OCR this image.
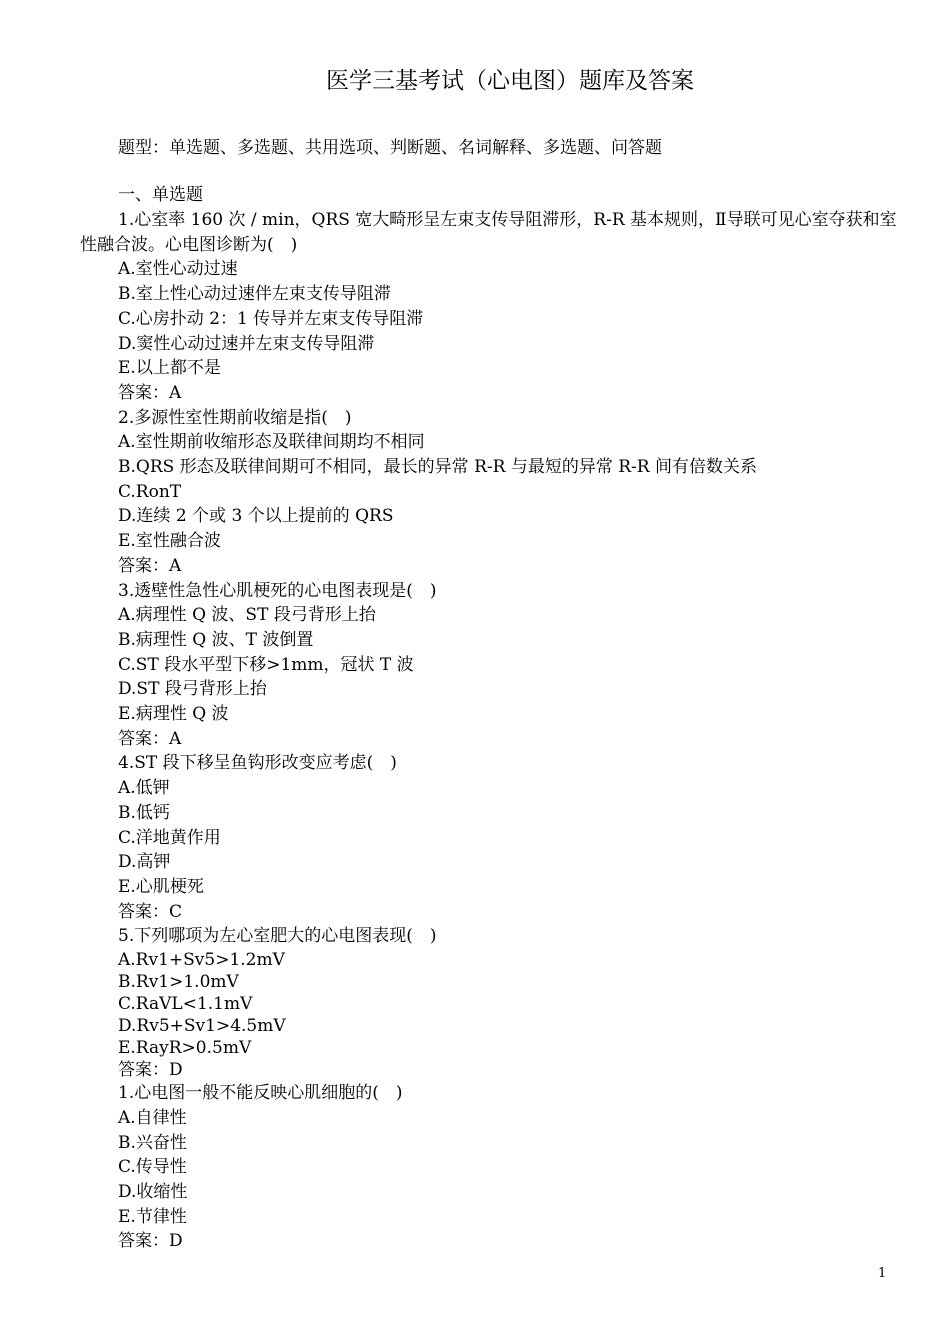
医学三基考试（心电图）题库及答案

题型：单选题、多选题、共用选项、判断题、名词解释、多选题、问答题

一、单选题

1.心室率 160 次 / min，QRS 宽大畸形呈左束支传导阻滞形，R-R 基本规则，Ⅱ导联可见心室夺获和室性融合波。心电图诊断为(　)

A.室性心动过速

B.室上性心动过速伴左束支传导阻滞

C.心房扑动 2：1 传导并左束支传导阻滞

D.窦性心动过速并左束支传导阻滞

E.以上都不是

答案：A

2.多源性室性期前收缩是指(　)

A.室性期前收缩形态及联律间期均不相同

B.QRS 形态及联律间期可不相同，最长的异常 R-R 与最短的异常 R-R 间有倍数关系

C.RonT

D.连续 2 个或 3 个以上提前的 QRS

E.室性融合波

答案：A

3.透壁性急性心肌梗死的心电图表现是(　)

A.病理性 Q 波、ST 段弓背形上抬

B.病理性 Q 波、T 波倒置

C.ST 段水平型下移>1mm，冠状 T 波

D.ST 段弓背形上抬

E.病理性 Q 波

答案：A

4.ST 段下移呈鱼钩形改变应考虑(　)

A.低钾

B.低钙

C.洋地黄作用

D.高钾

E.心肌梗死

答案：C

5.下列哪项为左心室肥大的心电图表现(　)

A.Rv1+Sv5>1.2mV

B.Rv1>1.0mV

C.RaVL<1.1mV

D.Rv5+Sv1>4.5mV

E.RayR>0.5mV

答案：D

1.心电图一般不能反映心肌细胞的(　)

A.自律性

B.兴奋性

C.传导性

D.收缩性

E.节律性

答案：D

1
